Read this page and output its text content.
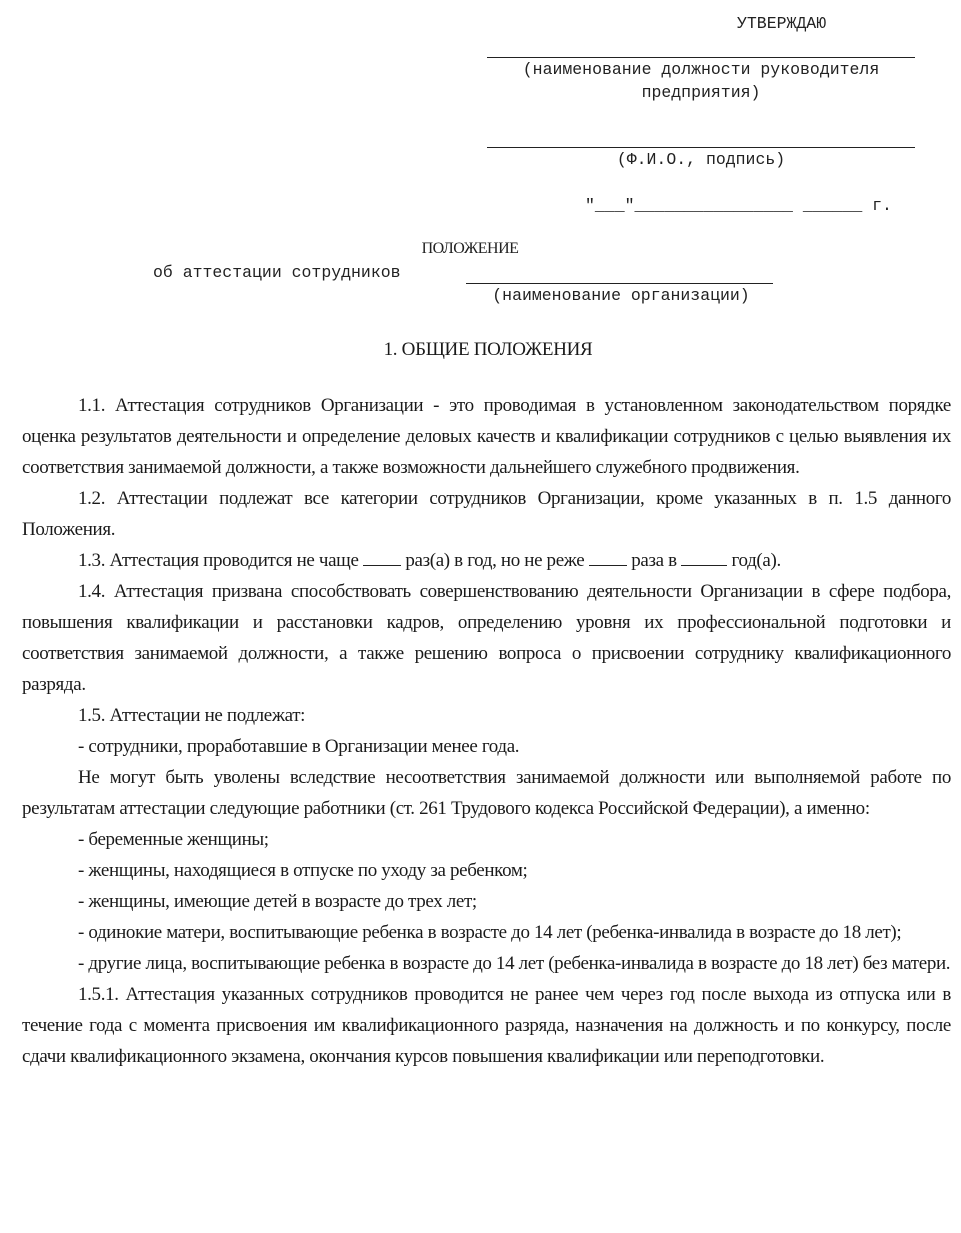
УТВЕРЖДАЮ
(наименование должности руководителя
предприятия)
(Ф.И.О., подпись)
"___"________________ ______ г.
ПОЛОЖЕНИЕ
об аттестации сотрудников
(наименование организации)
1. ОБЩИЕ ПОЛОЖЕНИЯ

1.1. Аттестация сотрудников Организации - это проводимая в установленном законодательством порядке оценка результатов деятельности и определение деловых качеств и квалификации сотрудников с целью выявления их соответствия занимаемой должности, а также возможности дальнейшего служебного продвижения.

1.2. Аттестации подлежат все категории сотрудников Организации, кроме указанных в п. 1.5 данного Положения.

1.3. Аттестация проводится не чаще раз(а) в год, но не реже раза в	год(а).

1.4. Аттестация призвана способствовать совершенствованию деятельности Организации в сфере подбора, повышения квалификации и расстановки кадров, определению уровня их профессиональной подготовки и соответствия занимаемой должности, а также решению вопроса о присвоении сотруднику квалификационного разряда.

1.5. Аттестации не подлежат:

- сотрудники, проработавшие в Организации менее года.

Не могут быть уволены вследствие несоответствия занимаемой должности или выполняемой работе по результатам аттестации следующие работники (ст. 261 Трудового кодекса Российской Федерации), а именно:

- беременные женщины;

- женщины, находящиеся в отпуске по уходу за ребенком;

- женщины, имеющие детей в возрасте до трех лет;

- одинокие матери, воспитывающие ребенка в возрасте до 14 лет (ребенка-инвалида в возрасте до 18 лет);

- другие лица, воспитывающие ребенка в возрасте до 14 лет (ребенка-инвалида в возрасте до 18 лет) без матери.

1.5.1. Аттестация указанных сотрудников проводится не ранее чем через год после выхода из отпуска или в течение года с момента присвоения им квалификационного разряда, назначения на должность и по конкурсу, после сдачи квалификационного экзамена, окончания курсов повышения квалификации или переподготовки.
